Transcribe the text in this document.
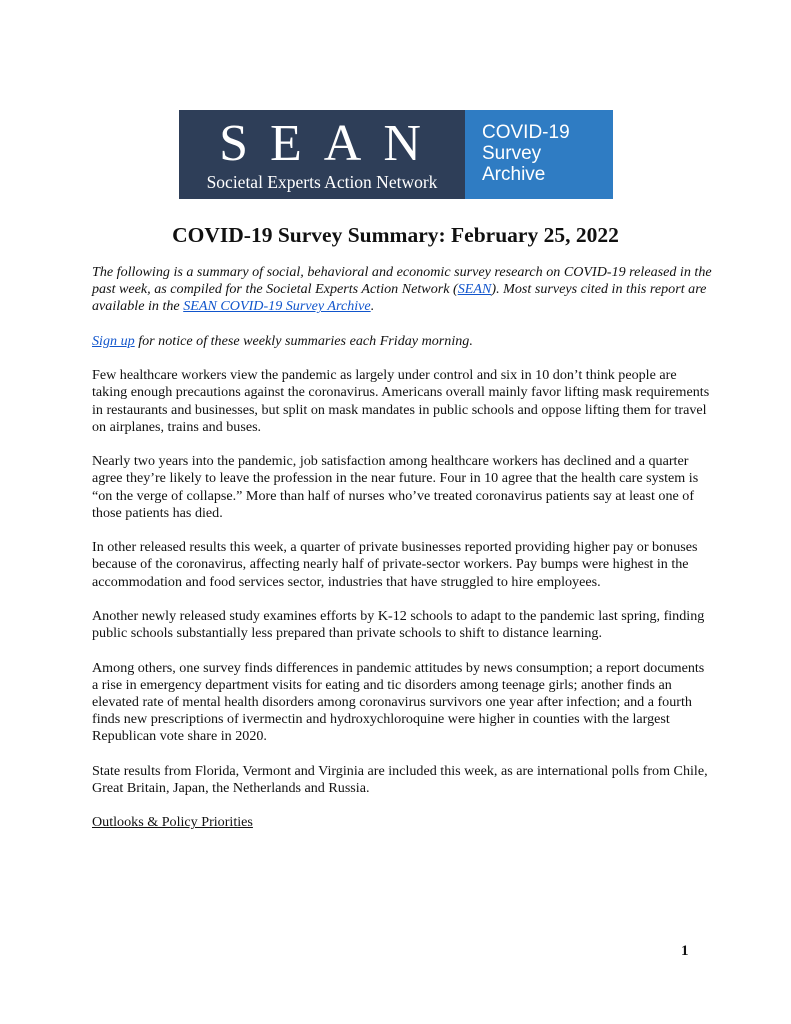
SEAN
Societal Experts Action Network
COVID-19
Survey
Archive
COVID-19 Survey Summary: February 25, 2022

The following is a summary of social, behavioral and economic survey research on COVID-19 released in the past week, as compiled for the Societal Experts Action Network (SEAN). Most surveys cited in this report are available in the SEAN COVID-19 Survey Archive.

Sign up for notice of these weekly summaries each Friday morning.

Few healthcare workers view the pandemic as largely under control and six in 10 don’t think people are taking enough precautions against the coronavirus. Americans overall mainly favor lifting mask requirements in restaurants and businesses, but split on mask mandates in public schools and oppose lifting them for travel on airplanes, trains and buses.

Nearly two years into the pandemic, job satisfaction among healthcare workers has declined and a quarter agree they’re likely to leave the profession in the near future. Four in 10 agree that the health care system is “on the verge of collapse.” More than half of nurses who’ve treated coronavirus patients say at least one of those patients has died.

In other released results this week, a quarter of private businesses reported providing higher pay or bonuses because of the coronavirus, affecting nearly half of private-sector workers. Pay bumps were highest in the accommodation and food services sector, industries that have struggled to hire employees.

Another newly released study examines efforts by K-12 schools to adapt to the pandemic last spring, finding public schools substantially less prepared than private schools to shift to distance learning.

Among others, one survey finds differences in pandemic attitudes by news consumption; a report documents a rise in emergency department visits for eating and tic disorders among teenage girls; another finds an elevated rate of mental health disorders among coronavirus survivors one year after infection; and a fourth finds new prescriptions of ivermectin and hydroxychloroquine were higher in counties with the largest Republican vote share in 2020.

State results from Florida, Vermont and Virginia are included this week, as are international polls from Chile, Great Britain, Japan, the Netherlands and Russia.

Outlooks & Policy Priorities

1
